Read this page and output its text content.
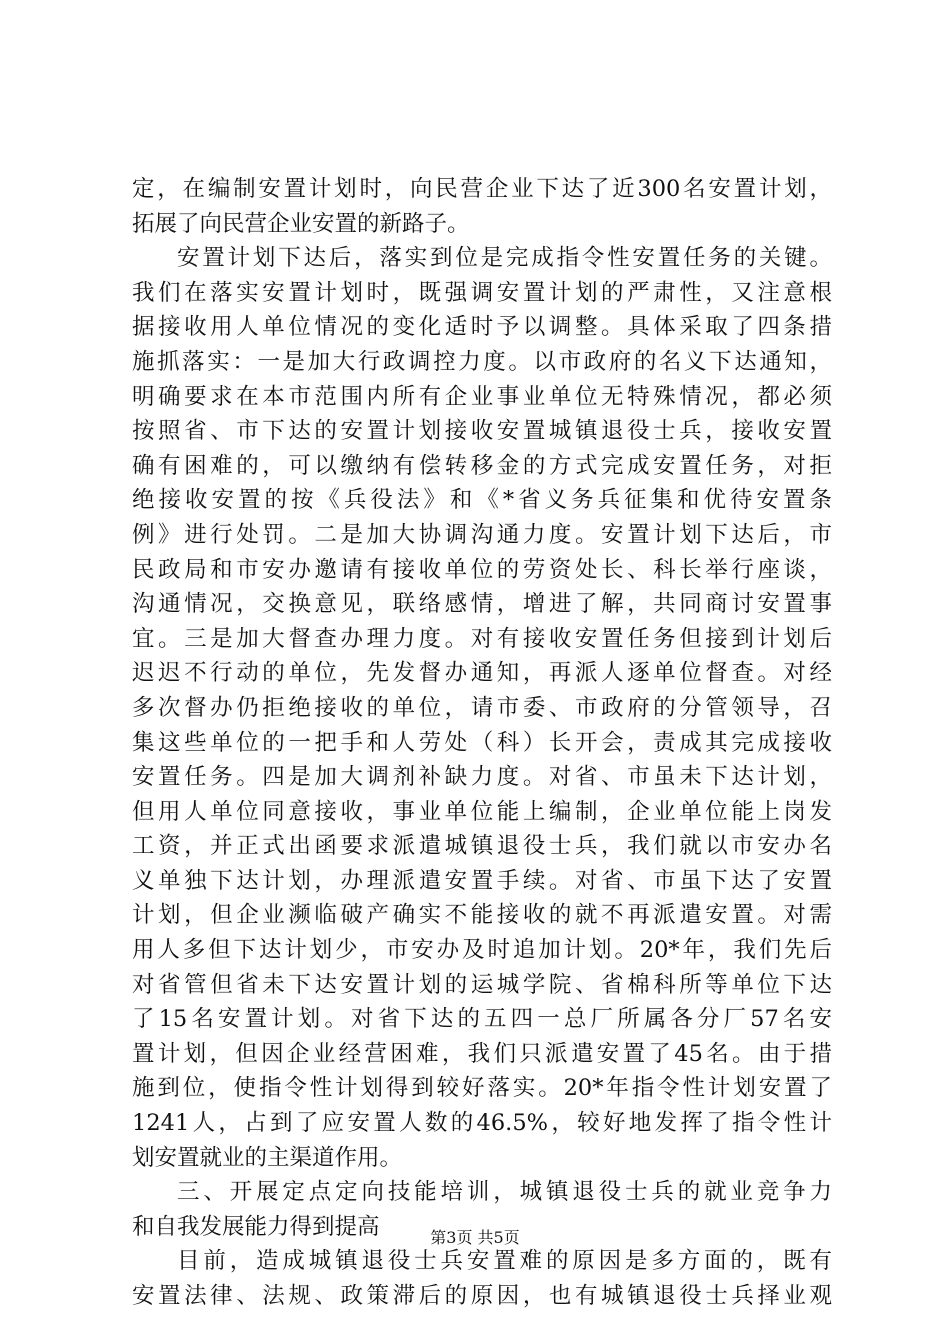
定，在编制安置计划时，向民营企业下达了近300名安置计划，
拓展了向民营企业安置的新路子。
安置计划下达后，落实到位是完成指令性安置任务的关键。
我们在落实安置计划时，既强调安置计划的严肃性，又注意根
据接收用人单位情况的变化适时予以调整。具体采取了四条措
施抓落实：一是加大行政调控力度。以市政府的名义下达通知，
明确要求在本市范围内所有企业事业单位无特殊情况，都必须
按照省、市下达的安置计划接收安置城镇退役士兵，接收安置
确有困难的，可以缴纳有偿转移金的方式完成安置任务，对拒
绝接收安置的按《兵役法》和《*省义务兵征集和优待安置条
例》进行处罚。二是加大协调沟通力度。安置计划下达后，市
民政局和市安办邀请有接收单位的劳资处长、科长举行座谈，
沟通情况，交换意见，联络感情，增进了解，共同商讨安置事
宜。三是加大督查办理力度。对有接收安置任务但接到计划后
迟迟不行动的单位，先发督办通知，再派人逐单位督查。对经
多次督办仍拒绝接收的单位，请市委、市政府的分管领导，召
集这些单位的一把手和人劳处（科）长开会，责成其完成接收
安置任务。四是加大调剂补缺力度。对省、市虽未下达计划，
但用人单位同意接收，事业单位能上编制，企业单位能上岗发
工资，并正式出函要求派遣城镇退役士兵，我们就以市安办名
义单独下达计划，办理派遣安置手续。对省、市虽下达了安置
计划，但企业濒临破产确实不能接收的就不再派遣安置。对需
用人多但下达计划少，市安办及时追加计划。20*年，我们先后
对省管但省未下达安置计划的运城学院、省棉科所等单位下达
了15名安置计划。对省下达的五四一总厂所属各分厂57名安
置计划，但因企业经营困难，我们只派遣安置了45名。由于措
施到位，使指令性计划得到较好落实。20*年指令性计划安置了
1241人，占到了应安置人数的46.5%，较好地发挥了指令性计
划安置就业的主渠道作用。
三、开展定点定向技能培训，城镇退役士兵的就业竞争力
和自我发展能力得到提高
目前，造成城镇退役士兵安置难的原因是多方面的，既有
安置法律、法规、政策滞后的原因，也有城镇退役士兵择业观
第3页 共5页
